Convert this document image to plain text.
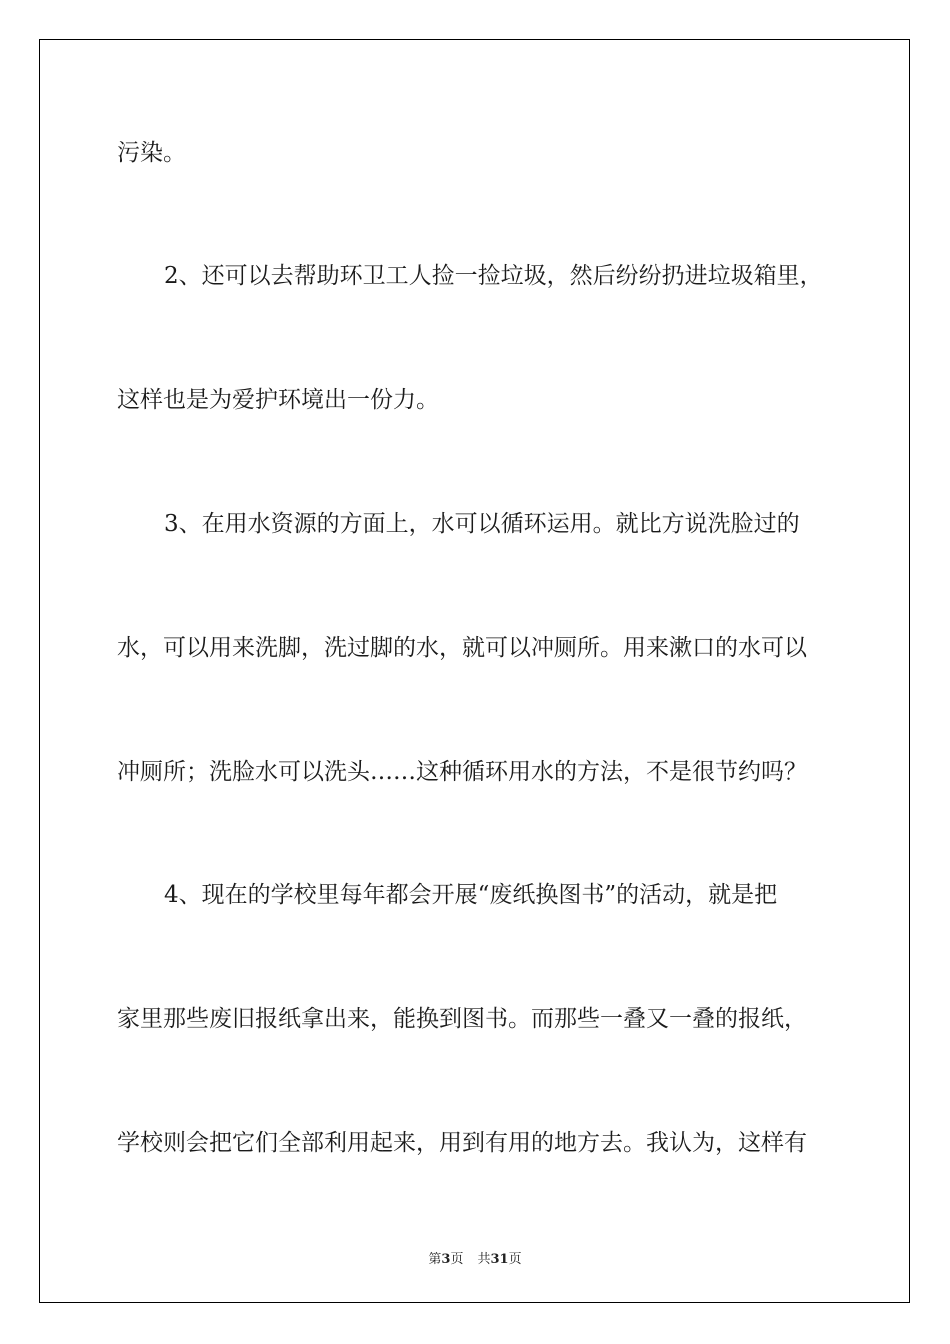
污染。

2、还可以去帮助环卫工人捡一捡垃圾，然后纷纷扔进垃圾箱里，

这样也是为爱护环境出一份力。

3、在用水资源的方面上，水可以循环运用。就比方说洗脸过的

水，可以用来洗脚，洗过脚的水，就可以冲厕所。用来漱口的水可以

冲厕所；洗脸水可以洗头……这种循环用水的方法，不是很节约吗？

4、现在的学校里每年都会开展“废纸换图书”的活动，就是把

家里那些废旧报纸拿出来，能换到图书。而那些一叠又一叠的报纸，

学校则会把它们全部利用起来，用到有用的地方去。我认为，这样有

第3页 共31页
